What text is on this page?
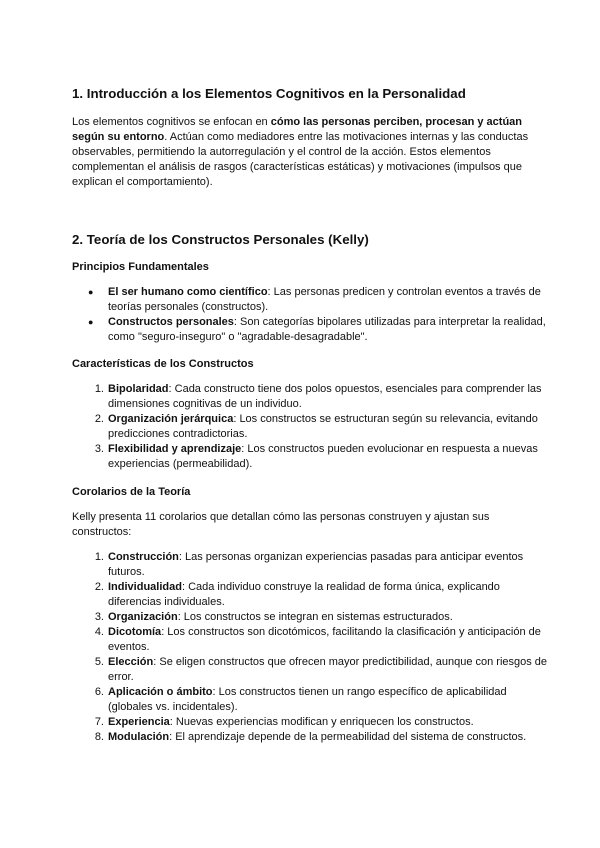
1. Introducción a los Elementos Cognitivos en la Personalidad

Los elementos cognitivos se enfocan en cómo las personas perciben, procesan y actúan según su entorno. Actúan como mediadores entre las motivaciones internas y las conductas observables, permitiendo la autorregulación y el control de la acción. Estos elementos complementan el análisis de rasgos (características estáticas) y motivaciones (impulsos que explican el comportamiento).

2. Teoría de los Constructos Personales (Kelly)
Principios Fundamentales
● El ser humano como científico: Las personas predicen y controlan eventos a través de teorías personales (constructos).
● Constructos personales: Son categorías bipolares utilizadas para interpretar la realidad, como "seguro-inseguro" o "agradable-desagradable".
Características de los Constructos
1. Bipolaridad: Cada constructo tiene dos polos opuestos, esenciales para comprender las dimensiones cognitivas de un individuo.
2. Organización jerárquica: Los constructos se estructuran según su relevancia, evitando predicciones contradictorias.
3. Flexibilidad y aprendizaje: Los constructos pueden evolucionar en respuesta a nuevas experiencias (permeabilidad).
Corolarios de la Teoría

Kelly presenta 11 corolarios que detallan cómo las personas construyen y ajustan sus constructos:

1. Construcción: Las personas organizan experiencias pasadas para anticipar eventos futuros.
2. Individualidad: Cada individuo construye la realidad de forma única, explicando diferencias individuales.
3. Organización: Los constructos se integran en sistemas estructurados.
4. Dicotomía: Los constructos son dicotómicos, facilitando la clasificación y anticipación de eventos.
5. Elección: Se eligen constructos que ofrecen mayor predictibilidad, aunque con riesgos de error.
6. Aplicación o ámbito: Los constructos tienen un rango específico de aplicabilidad (globales vs. incidentales).
7. Experiencia: Nuevas experiencias modifican y enriquecen los constructos.
8. Modulación: El aprendizaje depende de la permeabilidad del sistema de constructos.
